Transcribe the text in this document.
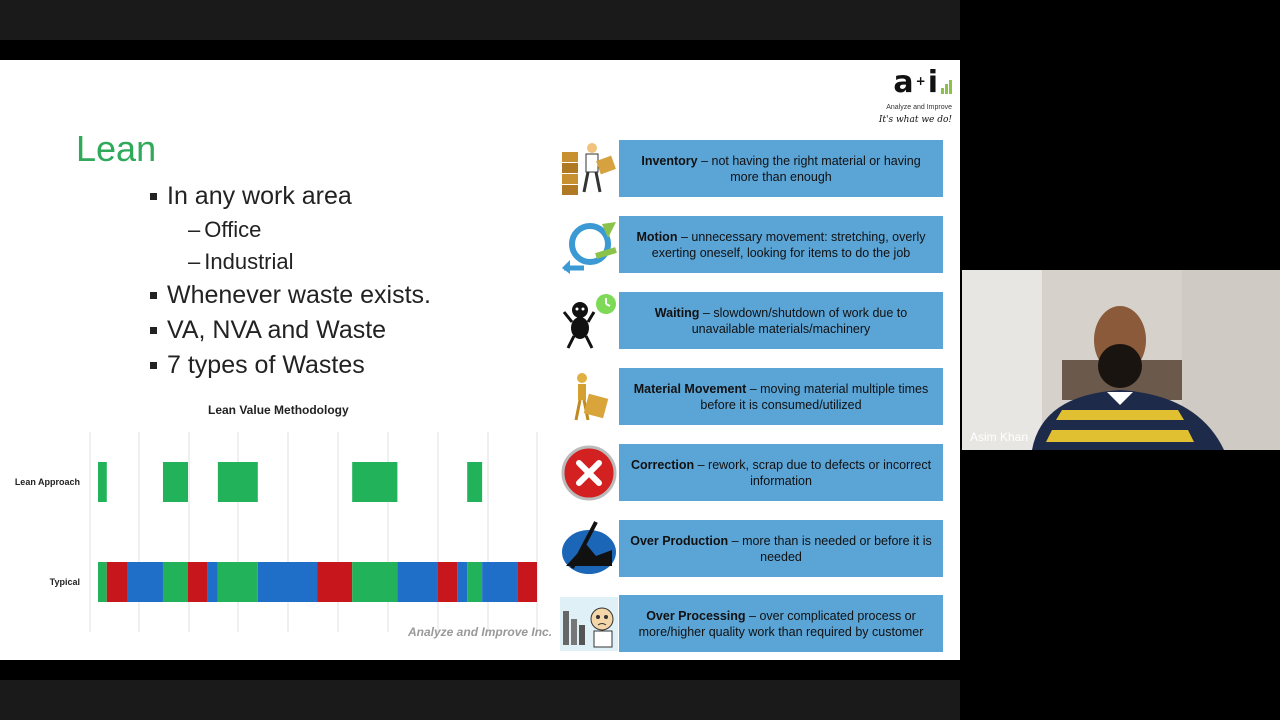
a + i
Analyze and Improve
It's what we do!
Lean
In any work area
– Office
– Industrial
Whenever waste exists.
VA, NVA and Waste
7 types of Wastes
Lean Value Methodology
Lean Approach
Typical
Analyze and Improve Inc.
Inventory – not having the right material or having more than enough
Motion – unnecessary movement: stretching, overly exerting oneself, looking for items to do the job
Waiting – slowdown/shutdown of work due to unavailable materials/machinery
Material Movement – moving material multiple times before it is consumed/utilized
Correction – rework, scrap due to defects or incorrect information
Over Production – more than is needed or before it is needed
Over Processing – over complicated process or more/higher quality work than required by customer
Asim Khan
